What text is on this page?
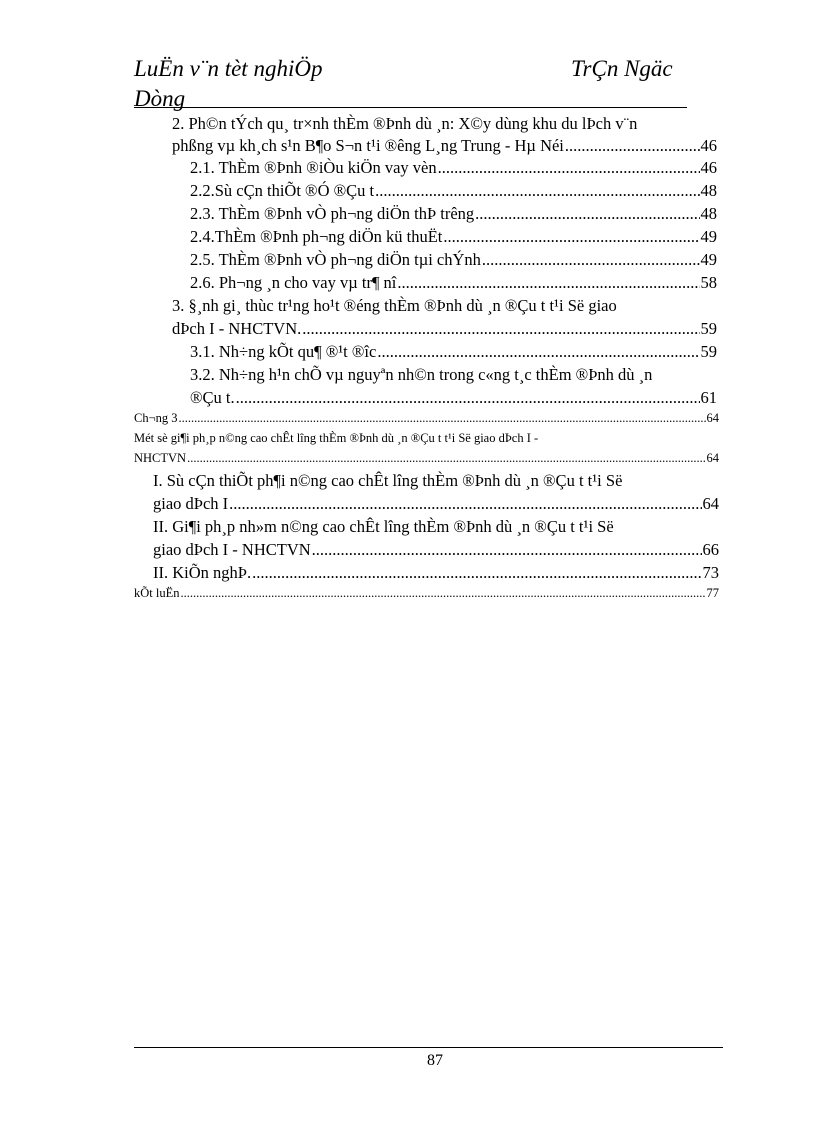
LuËn v¨n tèt nghiÖp	TrÇn Ngäc
Dòng
2. Ph©n tÝch qu¸ tr×nh thÈm ®Þnh dù ¸n: X©y dùng khu du lÞch v¨n
phßng vµ kh¸ch s¹n B¶o S¬n t¹i ®êng L¸ng Trung - Hµ Néi .....	46
2.1. ThÈm ®Þnh ®iÒu kiÖn vay vèn .....	46
2.2.Sù cÇn thiÕt ®Ó ®Çu t .....	48
2.3. ThÈm ®Þnh vÒ ph¬ng diÖn thÞ trêng .....	48
2.4.ThÈm ®Þnh ph¬ng diÖn kü thuËt .....	49
2.5. ThÈm ®Þnh vÒ ph¬ng diÖn tµi chÝnh .....	49
2.6. Ph¬ng ¸n cho vay vµ tr¶ nî .....	58
3. §¸nh gi¸ thùc tr¹ng ho¹t ®éng thÈm ®Þnh dù ¸n ®Çu t t¹i Së giao
dÞch I - NHCTVN. .....	59
3.1. Nh÷ng kÕt qu¶ ®¹t ®îc .....	59
3.2. Nh÷ng h¹n chÕ vµ nguyªn nh©n trong c«ng t¸c thÈm ®Þnh dù ¸n
®Çu t. .....	61
Ch¬ng 3 .....	64
Mét sè gi¶i ph¸p n©ng cao chÊt lîng thÈm ®Þnh dù ¸n ®Çu t t¹i Së giao dÞch I -
NHCTVN .....	64
I. Sù cÇn thiÕt ph¶i n©ng cao chÊt lîng thÈm ®Þnh dù ¸n ®Çu t t¹i Së
giao dÞch I .....	64
II. Gi¶i ph¸p nh»m n©ng cao chÊt lîng thÈm ®Þnh dù ¸n ®Çu t t¹i Së
giao dÞch I - NHCTVN .....	66
II. KiÕn nghÞ. .....	73
kÕt luËn .....	77
87
